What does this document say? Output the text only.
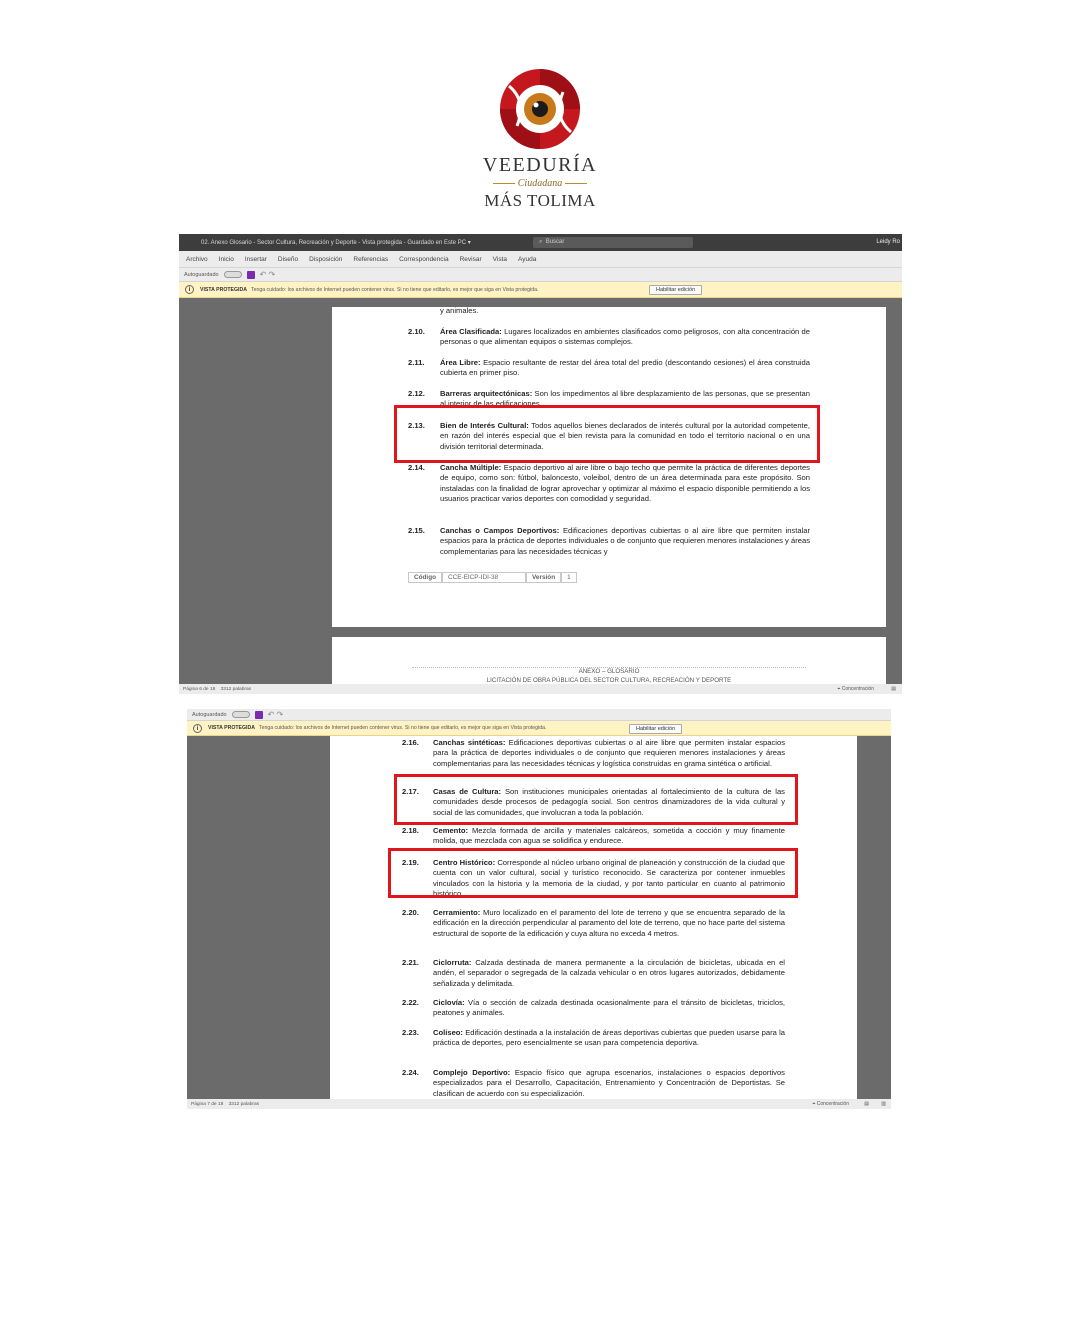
VEEDURÍA
Ciudadana
MÁS TOLIMA
02. Anexo Glosario - Sector Cultura, Recreación y Deporte - Vista protegida - Guardado en Este PC ▾	⌕  Buscar	Leidy Ro
Archivo Inicio Insertar Diseño Disposición Referencias Correspondencia Revisar Vista Ayuda
Autoguardado	↶ ↷
i	VISTA PROTEGIDA Tenga cuidado: los archivos de Internet pueden contener virus. Si no tiene que editarlo, es mejor que siga en Vista protegida.	Habilitar edición
y animales.
2.10. Área Clasificada: Lugares localizados en ambientes clasificados como peligrosos, con alta concentración de personas o que alimentan equipos o sistemas complejos.
2.11. Área Libre: Espacio resultante de restar del área total del predio (descontando cesiones) el área construida cubierta en primer piso.
2.12. Barreras arquitectónicas: Son los impedimentos al libre desplazamiento de las personas, que se presentan al interior de las edificaciones.
2.13. Bien de Interés Cultural: Todos aquellos bienes declarados de interés cultural por la autoridad competente, en razón del interés especial que el bien revista para la comunidad en todo el territorio nacional o en una división territorial determinada.
2.14. Cancha Múltiple: Espacio deportivo al aire libre o bajo techo que permite la práctica de diferentes deportes de equipo, como son: fútbol, baloncesto, voleibol, dentro de un área determinada para este propósito. Son instaladas con la finalidad de lograr aprovechar y optimizar al máximo el espacio disponible permitiendo a los usuarios practicar varios deportes con comodidad y seguridad.
2.15. Canchas o Campos Deportivos: Edificaciones deportivas cubiertas o al aire libre que permiten instalar espacios para la práctica de deportes individuales o de conjunto que requieren menores instalaciones y áreas complementarias para las necesidades técnicas y
Código	CCE-EICP-IDI-38	Versión	1
ANEXO – GLOSARIO
LICITACIÓN DE OBRA PÚBLICA DEL SECTOR CULTURA, RECREACIÓN Y DEPORTE
Página 6 de 18
3312 palabras	⌖ Concentración	▤
Autoguardado	↶ ↷
i	VISTA PROTEGIDA Tenga cuidado: los archivos de Internet pueden contener virus. Si no tiene que editarlo, es mejor que siga en Vista protegida.	Habilitar edición
2.16. Canchas sintéticas: Edificaciones deportivas cubiertas o al aire libre que permiten instalar espacios para la práctica de deportes individuales o de conjunto que requieren menores instalaciones y áreas complementarias para las necesidades técnicas y logística construidas en grama sintética o artificial.
2.17. Casas de Cultura: Son instituciones municipales orientadas al fortalecimiento de la cultura de las comunidades desde procesos de pedagogía social. Son centros dinamizadores de la vida cultural y social de las comunidades, que involucran a toda la población.
2.18. Cemento: Mezcla formada de arcilla y materiales calcáreos, sometida a cocción y muy finamente molida, que mezclada con agua se solidifica y endurece.
2.19. Centro Histórico: Corresponde al núcleo urbano original de planeación y construcción de la ciudad que cuenta con un valor cultural, social y turístico reconocido. Se caracteriza por contener inmuebles vinculados con la historia y la memoria de la ciudad, y por tanto particular en cuanto al patrimonio histórico.
2.20. Cerramiento: Muro localizado en el paramento del lote de terreno y que se encuentra separado de la edificación en la dirección perpendicular al paramento del lote de terreno, que no hace parte del sistema estructural de soporte de la edificación y cuya altura no exceda 4 metros.
2.21. Ciclorruta: Calzada destinada de manera permanente a la circulación de bicicletas, ubicada en el andén, el separador o segregada de la calzada vehicular o en otros lugares autorizados, debidamente señalizada y delimitada.
2.22. Ciclovía: Vía o sección de calzada destinada ocasionalmente para el tránsito de bicicletas, triciclos, peatones y animales.
2.23. Coliseo: Edificación destinada a la instalación de áreas deportivas cubiertas que pueden usarse para la práctica de deportes, pero esencialmente se usan para competencia deportiva.
2.24. Complejo Deportivo: Espacio físico que agrupa escenarios, instalaciones o espacios deportivos especializados para el Desarrollo, Capacitación, Entrenamiento y Concentración de Deportistas. Se clasifican de acuerdo con su especialización.
Página 7 de 18
3312 palabras	⌖ Concentración	▤ ▥
